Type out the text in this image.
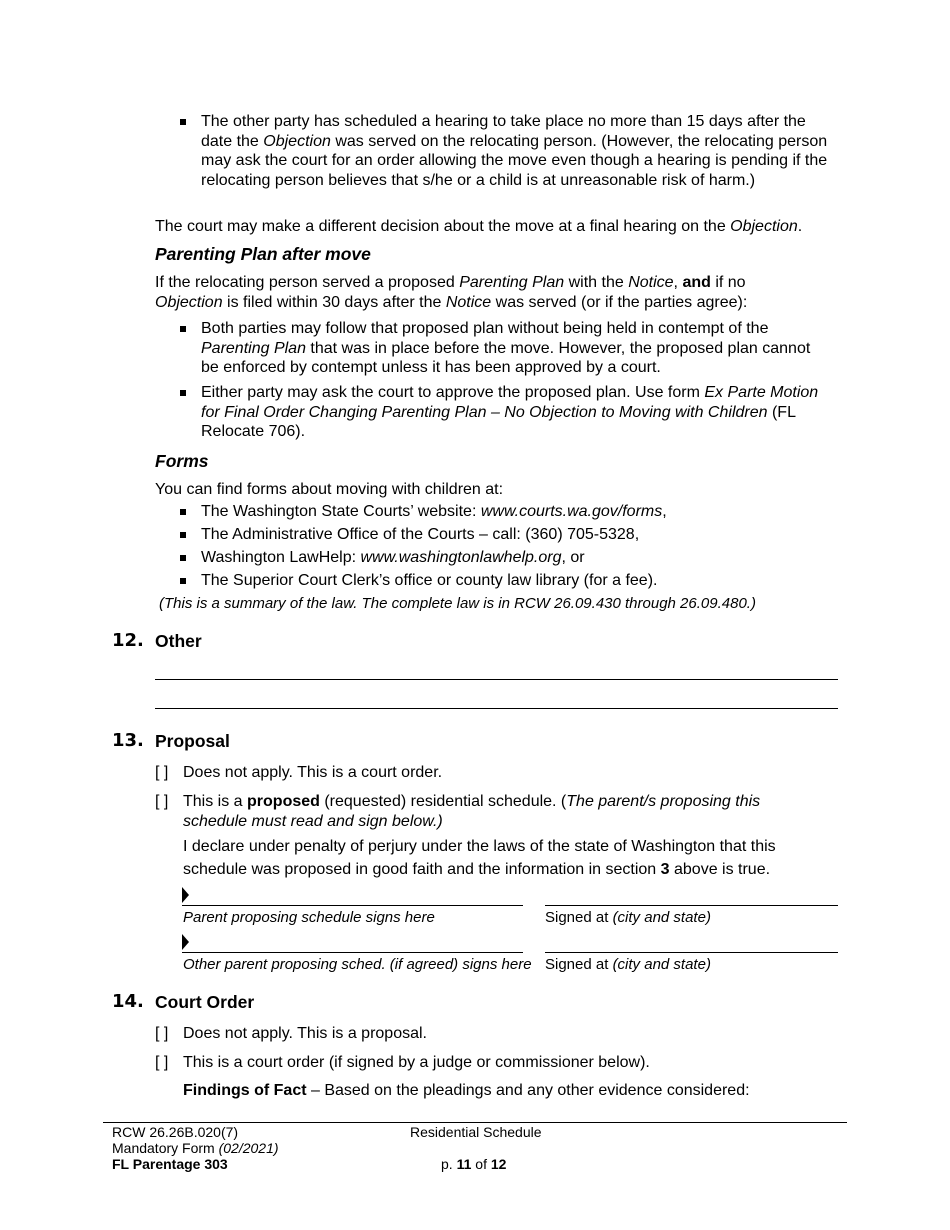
The other party has scheduled a hearing to take place no more than 15 days after the date the Objection was served on the relocating person. (However, the relocating person may ask the court for an order allowing the move even though a hearing is pending if the relocating person believes that s/he or a child is at unreasonable risk of harm.)
The court may make a different decision about the move at a final hearing on the Objection.
Parenting Plan after move
If the relocating person served a proposed Parenting Plan with the Notice, and if no Objection is filed within 30 days after the Notice was served (or if the parties agree):
Both parties may follow that proposed plan without being held in contempt of the Parenting Plan that was in place before the move. However, the proposed plan cannot be enforced by contempt unless it has been approved by a court.
Either party may ask the court to approve the proposed plan. Use form Ex Parte Motion for Final Order Changing Parenting Plan – No Objection to Moving with Children (FL Relocate 706).
Forms
You can find forms about moving with children at:
The Washington State Courts’ website: www.courts.wa.gov/forms,
The Administrative Office of the Courts – call: (360) 705-5328,
Washington LawHelp: www.washingtonlawhelp.org, or
The Superior Court Clerk’s office or county law library (for a fee).
(This is a summary of the law. The complete law is in RCW 26.09.430 through 26.09.480.)
12. Other
13. Proposal
[ ] Does not apply. This is a court order.
[ ] This is a proposed (requested) residential schedule. (The parent/s proposing this schedule must read and sign below.)
I declare under penalty of perjury under the laws of the state of Washington that this schedule was proposed in good faith and the information in section 3 above is true.
Parent proposing schedule signs here	Signed at (city and state)
Other parent proposing sched. (if agreed) signs here Signed at (city and state)
14. Court Order
[ ] Does not apply. This is a proposal.
[ ] This is a court order (if signed by a judge or commissioner below).
Findings of Fact – Based on the pleadings and any other evidence considered:
RCW 26.26B.020(7)
Mandatory Form (02/2021)
FL Parentage 303
Residential Schedule
p. 11 of 12
